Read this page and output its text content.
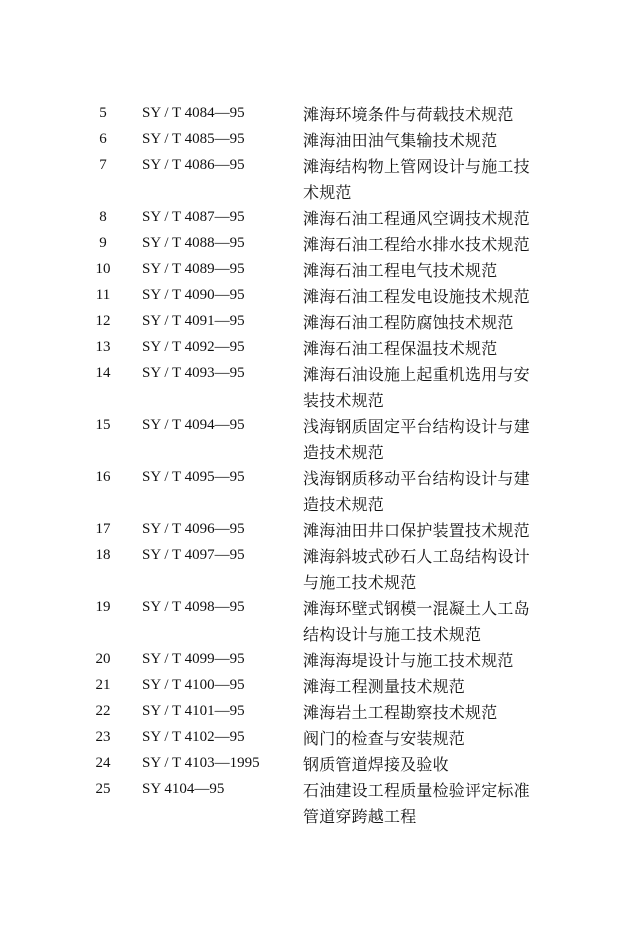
5	SY / T 4084—95	滩海环境条件与荷载技术规范
6	SY / T 4085—95	滩海油田油气集输技术规范
7	SY / T 4086—95	滩海结构物上管网设计与施工技
术规范
8	SY / T 4087—95	滩海石油工程通风空调技术规范
9	SY / T 4088—95	滩海石油工程给水排水技术规范
10	SY / T 4089—95	滩海石油工程电气技术规范
11	SY / T 4090—95	滩海石油工程发电设施技术规范
12	SY / T 4091—95	滩海石油工程防腐蚀技术规范
13	SY / T 4092—95	滩海石油工程保温技术规范
14	SY / T 4093—95	滩海石油设施上起重机选用与安
装技术规范
15	SY / T 4094—95	浅海钢质固定平台结构设计与建
造技术规范
16	SY / T 4095—95	浅海钢质移动平台结构设计与建
造技术规范
17	SY / T 4096—95	滩海油田井口保护装置技术规范
18	SY / T 4097—95	滩海斜坡式砂石人工岛结构设计
与施工技术规范
19	SY / T 4098—95	滩海环壁式钢模一混凝土人工岛
结构设计与施工技术规范
20	SY / T 4099—95	滩海海堤设计与施工技术规范
21	SY / T 4100—95	滩海工程测量技术规范
22	SY / T 4101—95	滩海岩土工程勘察技术规范
23	SY / T 4102—95	阀门的检查与安装规范
24	SY / T 4103—1995	钢质管道焊接及验收
25	SY 4104—95	石油建设工程质量检验评定标准
管道穿跨越工程
